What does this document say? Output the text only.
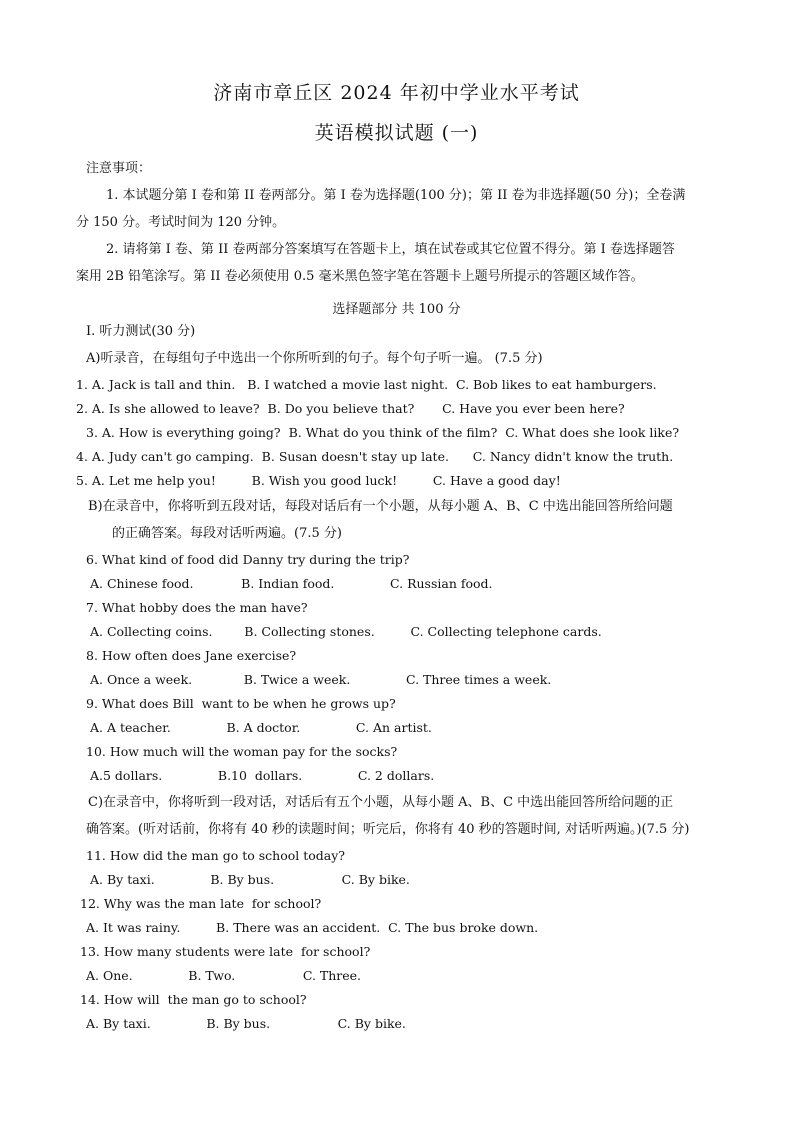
济南市章丘区 2024 年初中学业水平考试
英语模拟试题 (一)
注意事项：
1. 本试题分第 I 卷和第 II 卷两部分。第 I 卷为选择题(100 分)；第 II 卷为非选择题(50 分)；全卷满
分 150 分。考试时间为 120 分钟。
2. 请将第 I 卷、第 II 卷两部分答案填写在答题卡上，填在试卷或其它位置不得分。第 I 卷选择题答
案用 2B 铅笔涂写。第 II 卷必须使用 0.5 毫米黑色签字笔在答题卡上题号所提示的答题区域作答。
选择题部分 共 100 分
I. 听力测试(30 分)
A)听录音，在每组句子中选出一个你所听到的句子。每个句子听一遍。 (7.5 分)
1. A. Jack is tall and thin.   B. I watched a movie last night.  C. Bob likes to eat hamburgers.
2. A. Is she allowed to leave?  B. Do you believe that?       C. Have you ever been here?
3. A. How is everything going?  B. What do you think of the film?  C. What does she look like?
4. A. Judy can't go camping.  B. Susan doesn't stay up late.      C. Nancy didn't know the truth.
5. A. Let me help you!         B. Wish you good luck!         C. Have a good day!
B)在录音中，你将听到五段对话，每段对话后有一个小题，从每小题 A、B、C 中选出能回答所给问题
的正确答案。每段对话听两遍。(7.5 分)
6. What kind of food did Danny try during the trip?
A. Chinese food.            B. Indian food.              C. Russian food.
7. What hobby does the man have?
A. Collecting coins.        B. Collecting stones.         C. Collecting telephone cards.
8. How often does Jane exercise?
A. Once a week.             B. Twice a week.              C. Three times a week.
9. What does Bill  want to be when he grows up?
A. A teacher.              B. A doctor.              C. An artist.
10. How much will the woman pay for the socks?
A.5 dollars.              B.10  dollars.              C. 2 dollars.
C)在录音中，你将听到一段对话，对话后有五个小题，从每小题 A、B、C 中选出能回答所给问题的正
确答案。(听对话前，你将有 40 秒的读题时间；听完后，你将有 40 秒的答题时间, 对话听两遍。)(7.5 分)
11. How did the man go to school today?
A. By taxi.              B. By bus.                 C. By bike.
12. Why was the man late  for school?
A. It was rainy.         B. There was an accident.  C. The bus broke down.
13. How many students were late  for school?
A. One.              B. Two.                 C. Three.
14. How will  the man go to school?
A. By taxi.              B. By bus.                 C. By bike.
